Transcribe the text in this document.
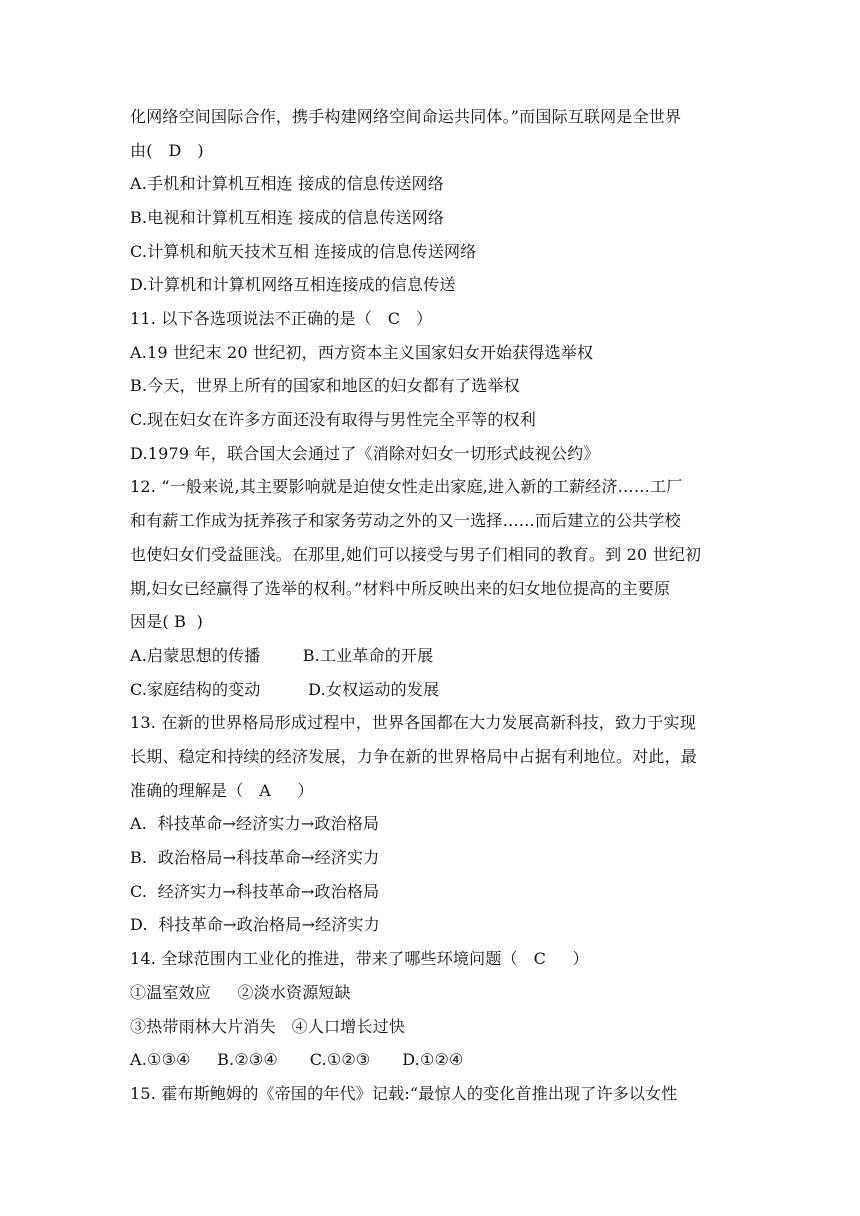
化网络空间国际合作，携手构建网络空间命运共同体。”而国际互联网是全世界
由(   D   )
A.手机和计算机互相连 接成的信息传送网络
B.电视和计算机互相连 接成的信息传送网络
C.计算机和航天技术互相 连接成的信息传送网络
D.计算机和计算机网络互相连接成的信息传送
11. 以下各选项说法不正确的是（   C   ）
A.19 世纪末 20 世纪初，西方资本主义国家妇女开始获得选举权
B.今天，世界上所有的国家和地区的妇女都有了选举权
C.现在妇女在许多方面还没有取得与男性完全平等的权利
D.1979 年，联合国大会通过了《消除对妇女一切形式歧视公约》
12. “一般来说,其主要影响就是迫使女性走出家庭,进入新的工薪经济……工厂
和有薪工作成为抚养孩子和家务劳动之外的又一选择……而后建立的公共学校
也使妇女们受益匪浅。在那里,她们可以接受与男子们相同的教育。到 20 世纪初
期,妇女已经赢得了选举的权利。”材料中所反映出来的妇女地位提高的主要原
因是( B  )
A.启蒙思想的传播        B.工业革命的开展
C.家庭结构的变动         D.女权运动的发展
13. 在新的世界格局形成过程中，世界各国都在大力发展高新科技，致力于实现
长期、稳定和持续的经济发展，力争在新的世界格局中占据有利地位。对此，最
准确的理解是（   A     ）
A.  科技革命→经济实力→政治格局
B.  政治格局→科技革命→经济实力
C.  经济实力→科技革命→政治格局
D.  科技革命→政治格局→经济实力
14. 全球范围内工业化的推进，带来了哪些环境问题（   C     ）
①温室效应     ②淡水资源短缺
③热带雨林大片消失   ④人口增长过快
A.①③④     B.②③④      C.①②③      D.①②④
15. 霍布斯鲍姆的《帝国的年代》记载:“最惊人的变化首推出现了许多以女性
